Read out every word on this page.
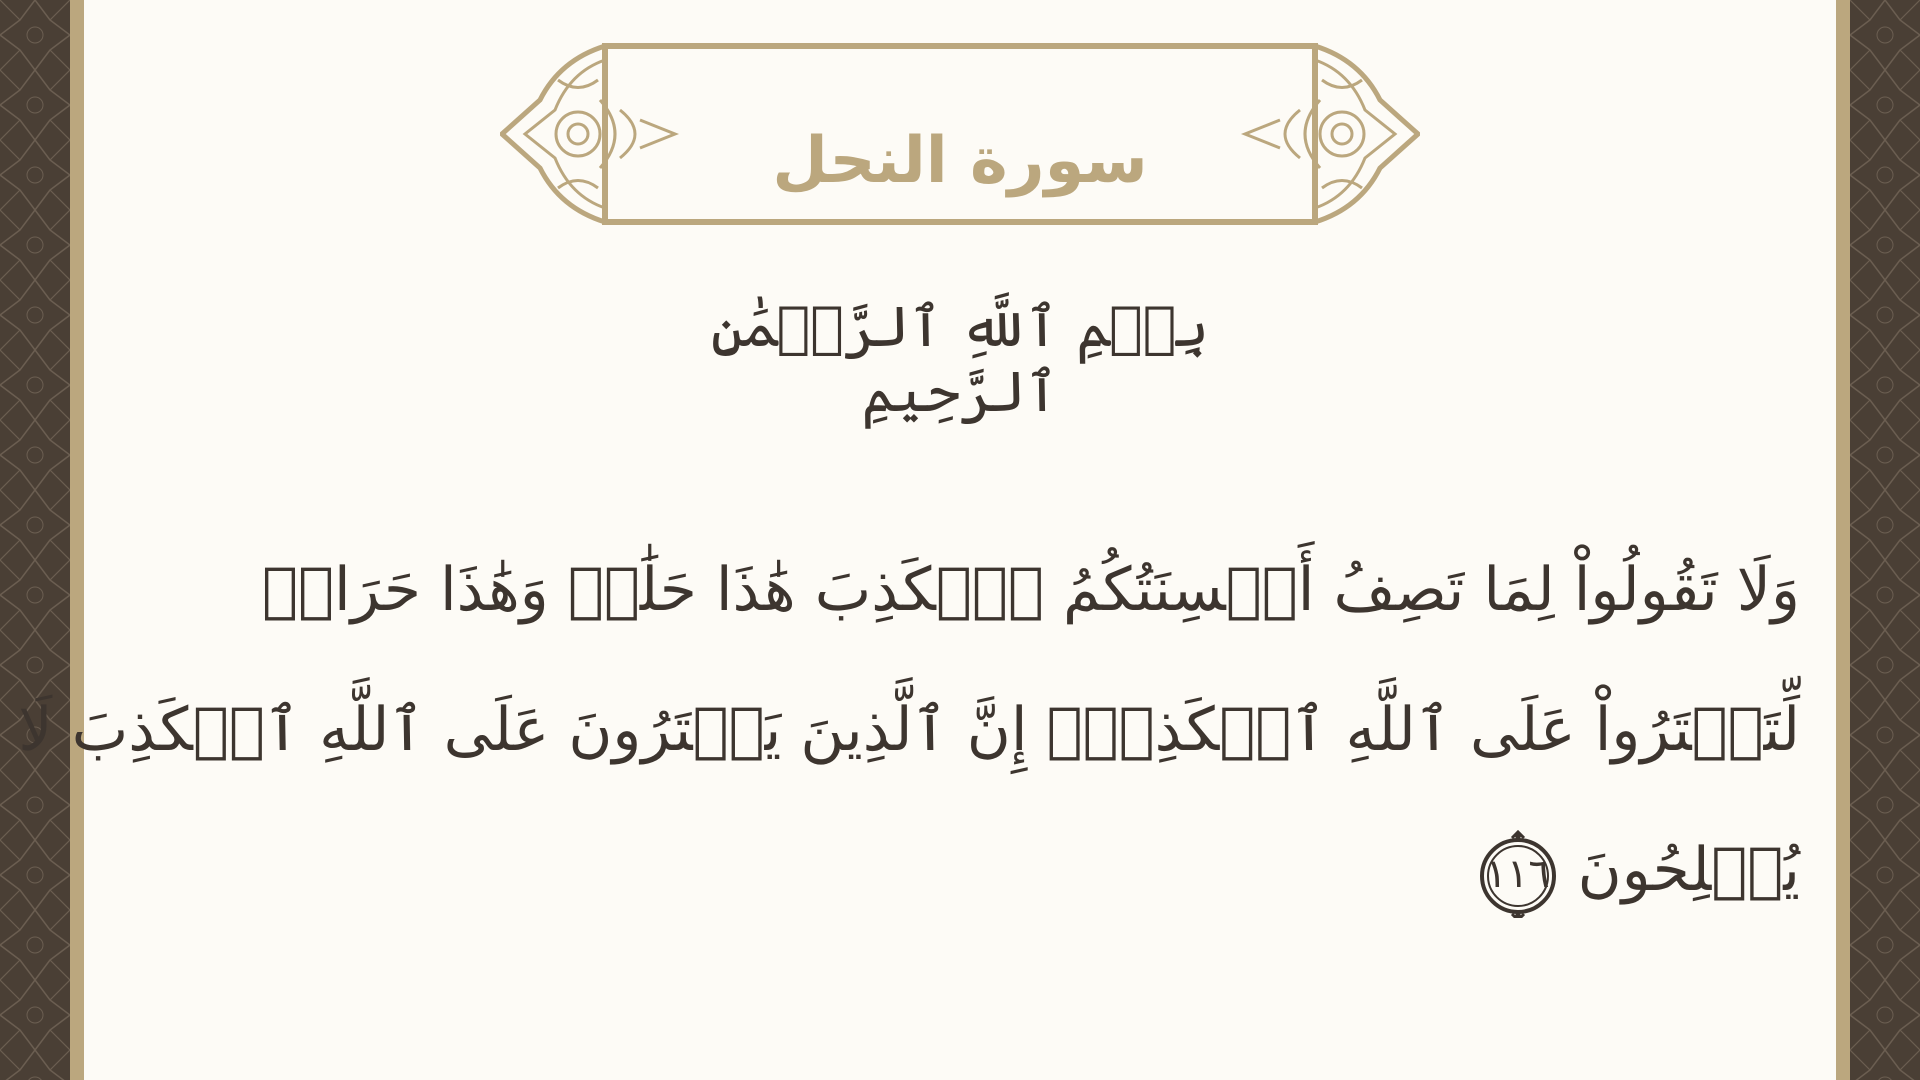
سورة النحل
بِسۡمِ ٱللَّهِ ٱلرَّحۡمَٰنِ ٱلرَّحِيمِ
وَلَا تَقُولُواْ لِمَا تَصِفُ أَلۡسِنَتُكُمُ ٱلۡكَذِبَ هَٰذَا حَلَٰلٞ وَهَٰذَا حَرَامٞ
لِّتَفۡتَرُواْ عَلَى ٱللَّهِ ٱلۡكَذِبَۚ إِنَّ ٱلَّذِينَ يَفۡتَرُونَ عَلَى ٱللَّهِ ٱلۡكَذِبَ لَا
يُفۡلِحُونَ
١١٦
